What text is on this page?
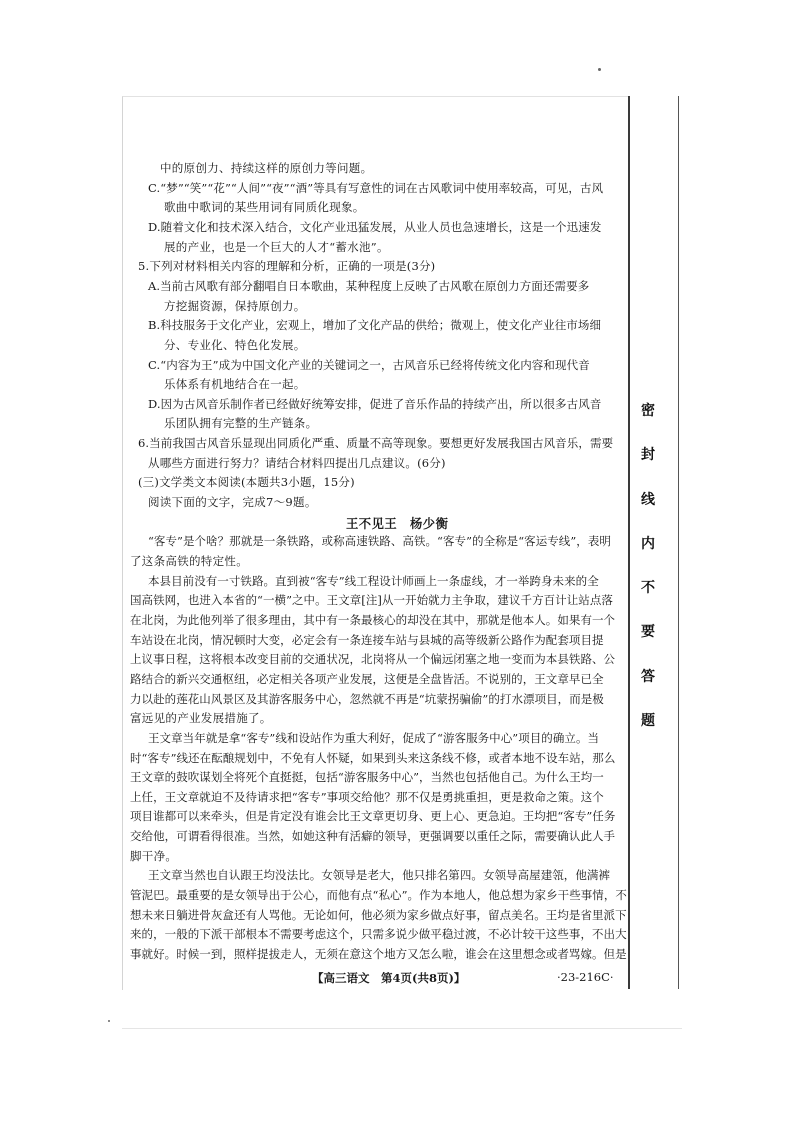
密
封
线
内
不
要
答
题
中的原创力、持续这样的原创力等问题。
C.“梦”“笑”“花”“人间”“夜”“酒”等具有写意性的词在古风歌词中使用率较高，可见，古风
歌曲中歌词的某些用词有同质化现象。
D.随着文化和技术深入结合，文化产业迅猛发展，从业人员也急速增长，这是一个迅速发
展的产业，也是一个巨大的人才“蓄水池”。
5.下列对材料相关内容的理解和分析，正确的一项是(3分)
A.当前古风歌有部分翻唱自日本歌曲，某种程度上反映了古风歌在原创力方面还需要多
方挖掘资源，保持原创力。
B.科技服务于文化产业，宏观上，增加了文化产品的供给；微观上，使文化产业往市场细
分、专业化、特色化发展。
C.“内容为王”成为中国文化产业的关键词之一，古风音乐已经将传统文化内容和现代音
乐体系有机地结合在一起。
D.因为古风音乐制作者已经做好统筹安排，促进了音乐作品的持续产出，所以很多古风音
乐团队拥有完整的生产链条。
6.当前我国古风音乐显现出同质化严重、质量不高等现象。要想更好发展我国古风音乐，需要
从哪些方面进行努力？请结合材料四提出几点建议。(6分)
(三)文学类文本阅读(本题共3小题，15分)
阅读下面的文字，完成7～9题。
王不见王　杨少衡
“客专”是个啥？那就是一条铁路，或称高速铁路、高铁。“客专”的全称是“客运专线”，表明
了这条高铁的特定性。
本县目前没有一寸铁路。直到被“客专”线工程设计师画上一条虚线，才一举跨身未来的全
国高铁网，也进入本省的“一横”之中。王文章[注]从一开始就力主争取，建议千方百计让站点落
在北岗，为此他列举了很多理由，其中有一条最核心的却没在其中，那就是他本人。如果有一个
车站设在北岗，情况顿时大变，必定会有一条连接车站与县城的高等级新公路作为配套项目提
上议事日程，这将根本改变目前的交通状况，北岗将从一个偏远闭塞之地一变而为本县铁路、公
路结合的新兴交通枢纽，必定相关各项产业发展，这便是全盘皆活。不说别的，王文章早已全
力以赴的莲花山风景区及其游客服务中心，忽然就不再是“坑蒙拐骗偷”的打水漂项目，而是极
富远见的产业发展措施了。
王文章当年就是拿“客专”线和设站作为重大利好，促成了“游客服务中心”项目的确立。当
时“客专”线还在酝酿规划中，不免有人怀疑，如果到头来这条线不修，或者本地不设车站，那么
王文章的鼓吹谋划全将死个直挺挺，包括“游客服务中心”，当然也包括他自己。为什么王均一
上任，王文章就迫不及待请求把“客专”事项交给他？那不仅是勇挑重担，更是救命之策。这个
项目谁都可以来牵头，但是肯定没有谁会比王文章更切身、更上心、更急迫。王均把“客专”任务
交给他，可谓看得很准。当然，如她这种有活癖的领导，更强调要以重任之际，需要确认此人手
脚干净。
王文章当然也自认跟王均没法比。女领导是老大，他只排名第四。女领导高屋建瓴，他满裤
管泥巴。最重要的是女领导出于公心，而他有点“私心”。作为本地人，他总想为家乡干些事情，不
想未来日躺进骨灰盒还有人骂他。无论如何，他必须为家乡做点好事，留点美名。王均是省里派下
来的，一般的下派干部根本不需要考虑这个，只需多说少做平稳过渡，不必计较干这些事，不出大
事就好。时候一到，照样提拔走人，无须在意这个地方又怎么啦，谁会在这里想念或者骂嫁。但是
【高三语文　第4页(共8页)】	·23-216C·
